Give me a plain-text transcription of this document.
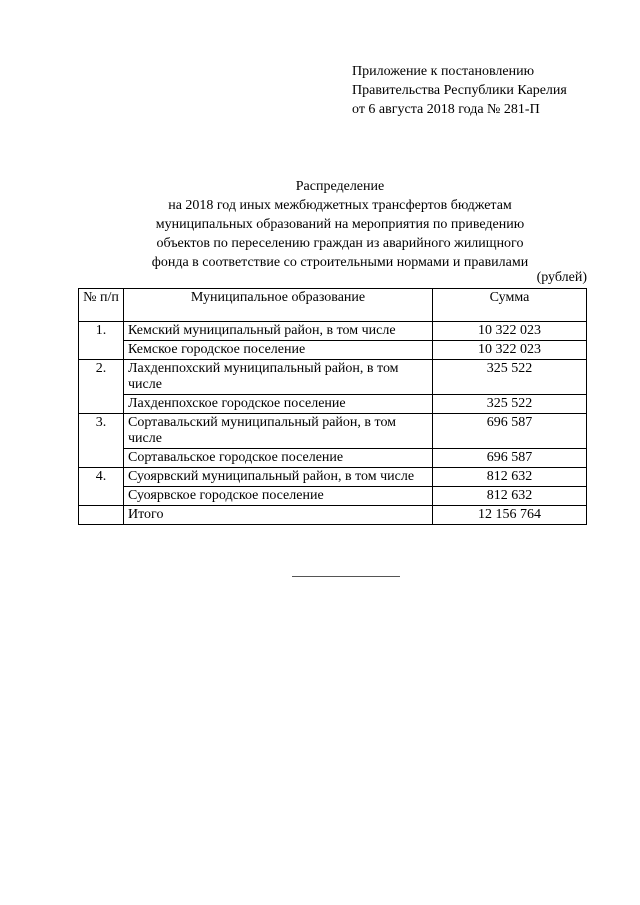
Приложение к постановлению
Правительства Республики Карелия
от 6 августа 2018 года № 281-П
Распределение
на 2018 год иных межбюджетных трансфертов бюджетам
муниципальных образований на мероприятия по приведению
объектов по переселению граждан из аварийного жилищного
фонда в соответствие со строительными нормами и правилами
(рублей)
№ п/п	Муниципальное образование	Сумма
1.	Кемский муниципальный район, в том числе	10 322 023
	Кемское городское поселение	10 322 023
2.	Лахденпохский муниципальный район, в том числе	325 522
	Лахденпохское городское поселение	325 522
3.	Сортавальский муниципальный район, в том числе	696 587
	Сортавальское городское поселение	696 587
4.	Суоярвский муниципальный район, в том числе	812 632
	Суоярвское городское поселение	812 632
	Итого	12 156 764
